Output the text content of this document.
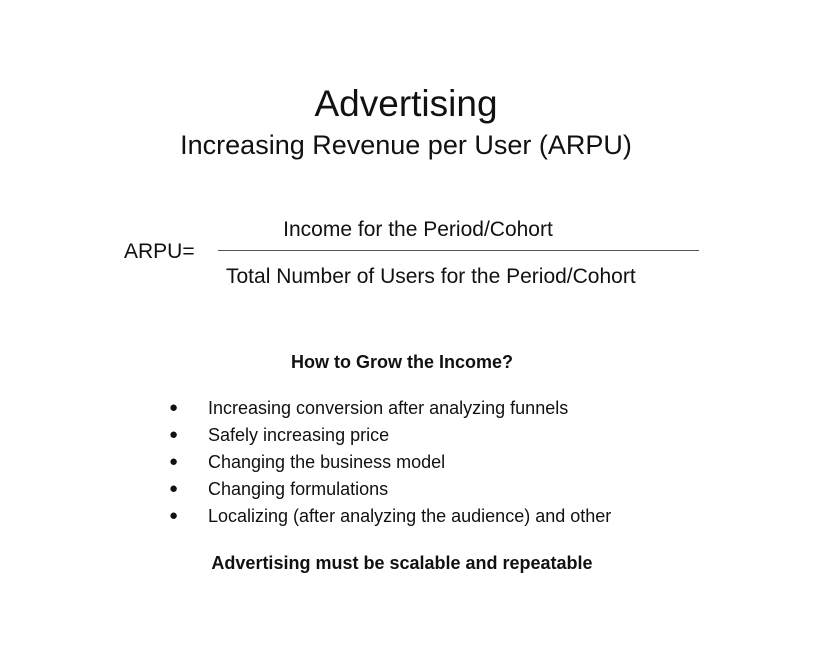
Advertising
Increasing Revenue per User (ARPU)
ARPU=
Income for the Period/Cohort
Total Number of Users for the Period/Cohort
How to Grow the Income?
● Increasing conversion after analyzing funnels
● Safely increasing price
● Changing the business model
● Changing formulations
● Localizing (after analyzing the audience) and other
Advertising must be scalable and repeatable
